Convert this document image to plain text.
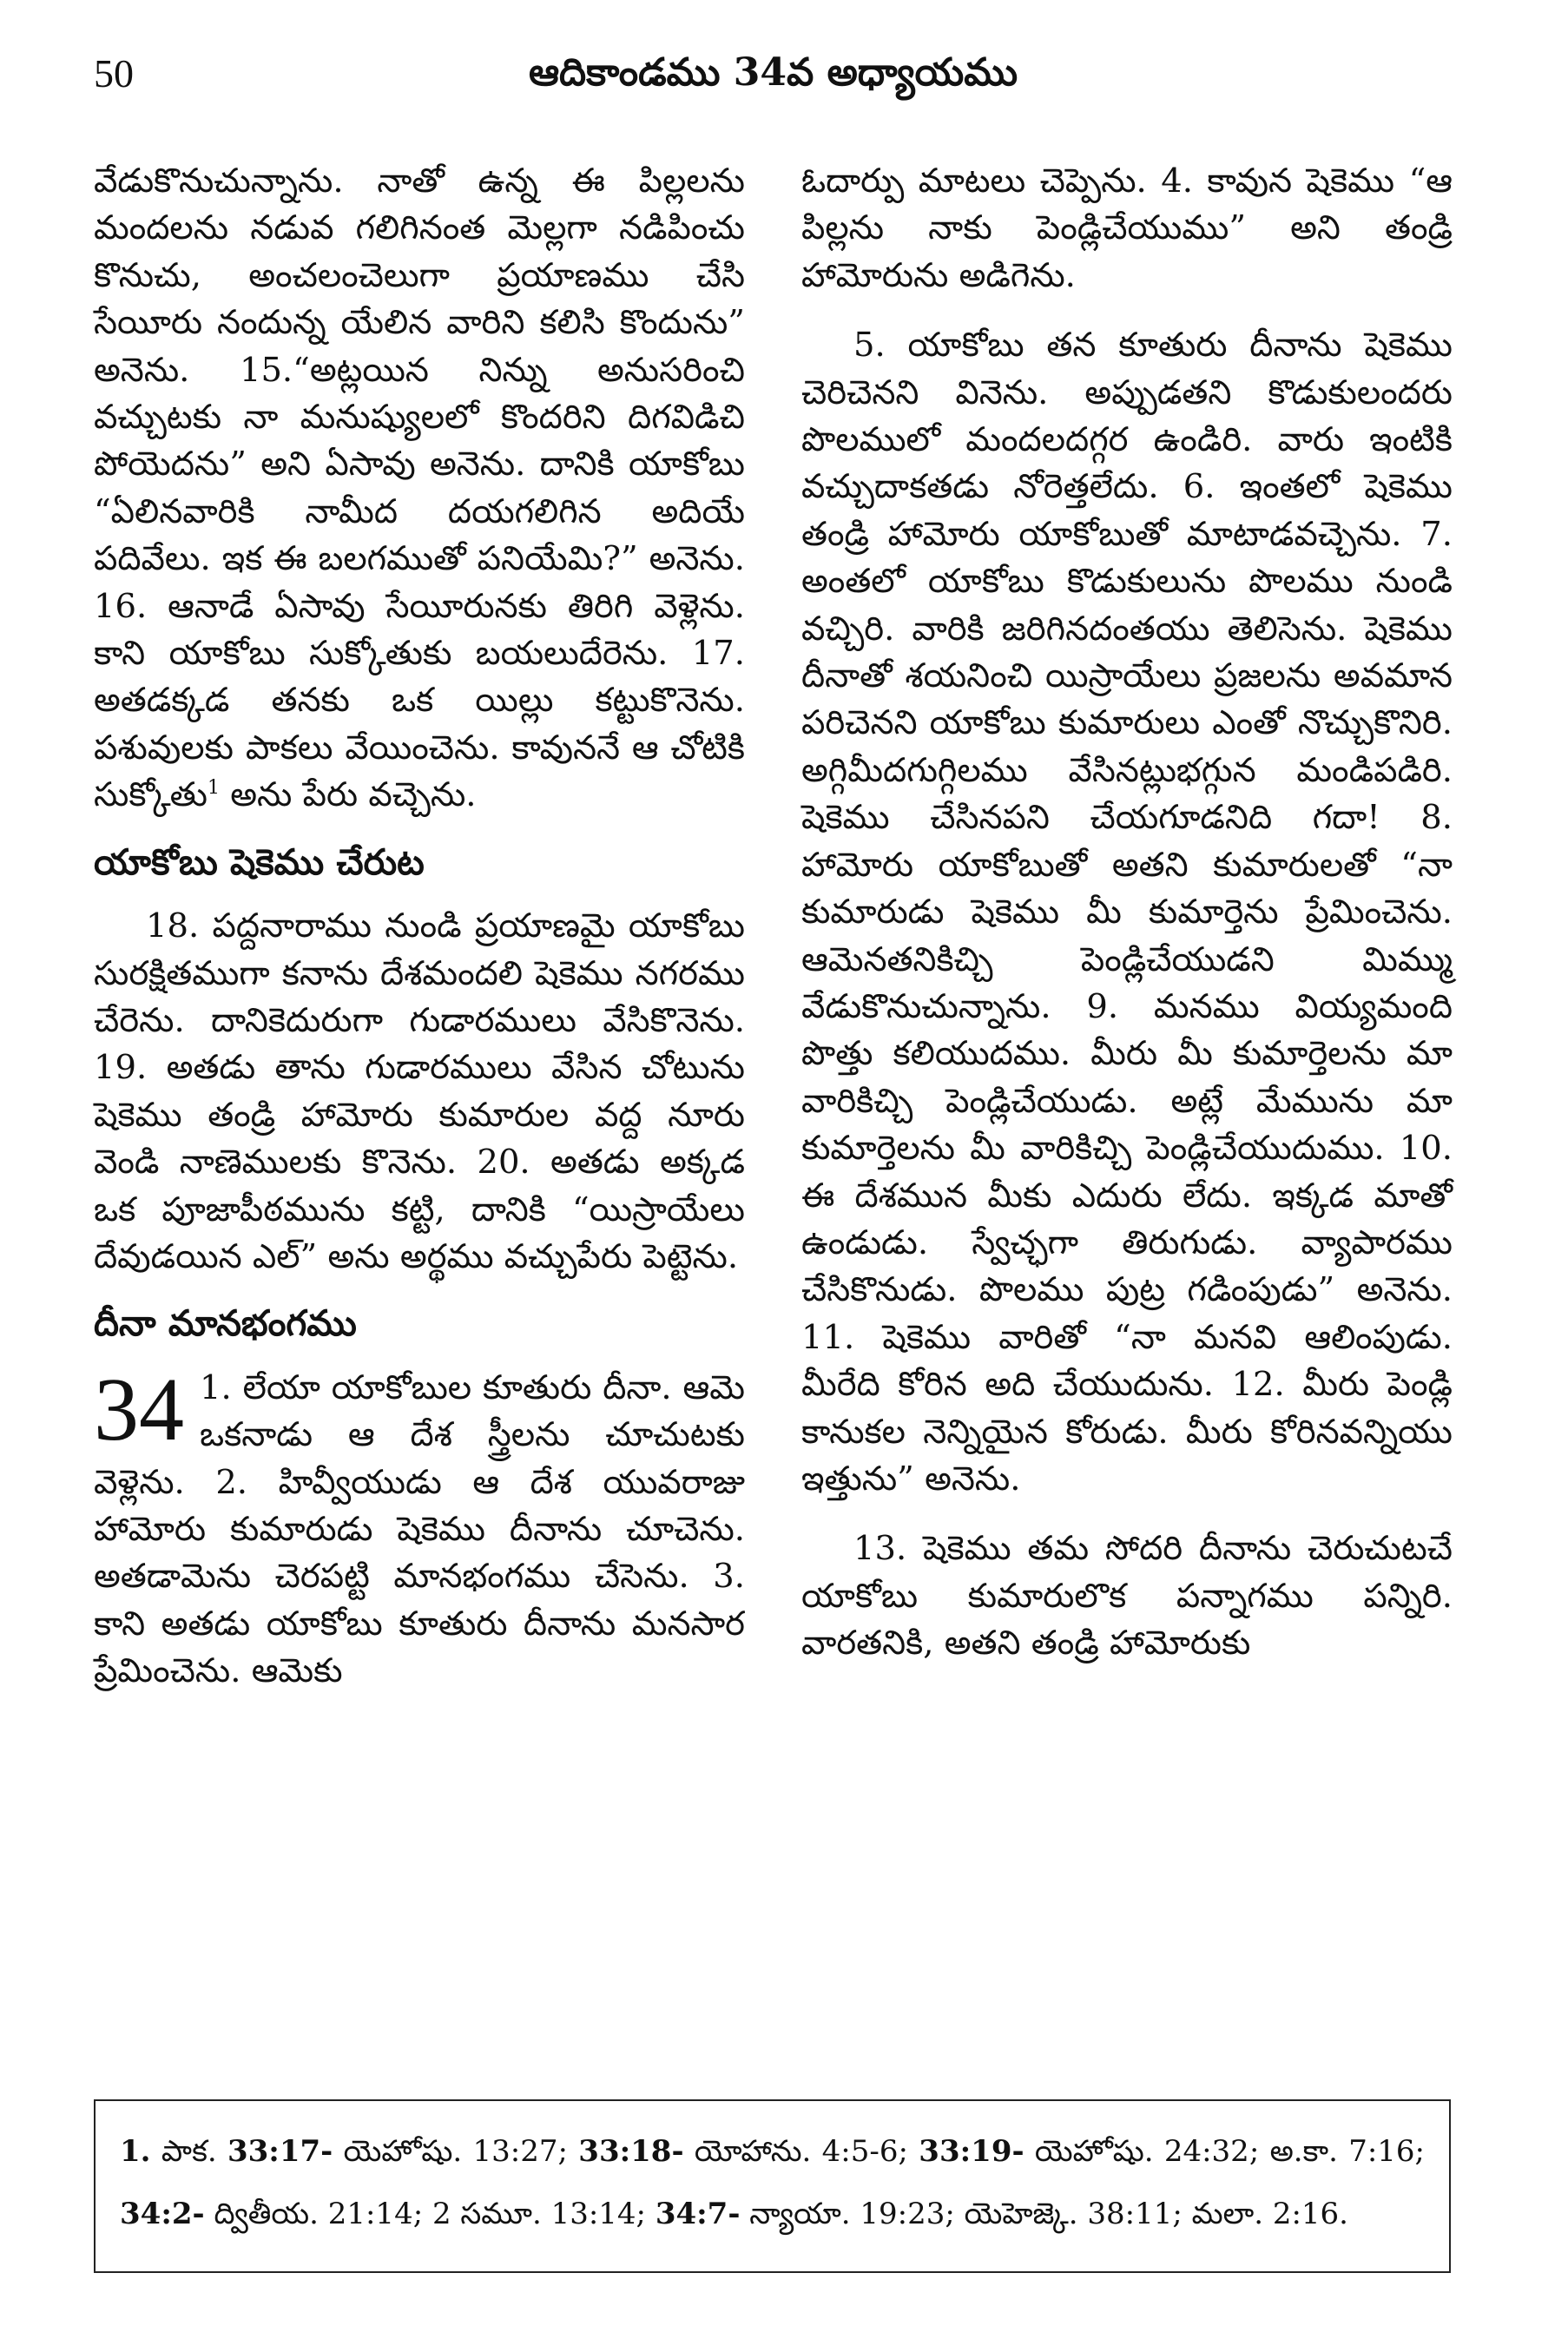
50	ఆదికాండము 34వ అధ్యాయము

వేడుకొనుచున్నాను. నాతో ఉన్న ఈ పిల్లలను మందలను నడువ గలిగినంత మెల్లగా నడిపించు కొనుచు, అంచలంచెలుగా ప్రయాణము చేసి సేయీరు నందున్న యేలిన వారిని కలిసి కొందును” అనెను. 15.“అట్లయిన నిన్ను అనుసరించి వచ్చుటకు నా మనుష్యులలో కొందరిని దిగవిడిచి పోయెదను” అని ఏసావు అనెను. దానికి యాకోబు “ఏలినవారికి నామీద దయగలిగిన అదియే పదివేలు. ఇక ఈ బలగముతో పనియేమి?” అనెను. 16. ఆనాడే ఏసావు సేయీరునకు తిరిగి వెళ్లెను. కాని యాకోబు సుక్కోతుకు బయలుదేరెను. 17. అతడక్కడ తనకు ఒక యిల్లు కట్టుకొనెను. పశువులకు పాకలు వేయించెను. కావుననే ఆ చోటికి సుక్కోతు$^1$ అను పేరు వచ్చెను.

యాకోబు షెకెము చేరుట

18. పద్దనారాము నుండి ప్రయాణమై యాకోబు సురక్షితముగా కనాను దేశమందలి షెకెము నగరము చేరెను. దానికెదురుగా గుడారములు వేసికొనెను. 19. అతడు తాను గుడారములు వేసిన చోటును షెకెము తండ్రి హామోరు కుమారుల వద్ద నూరు వెండి నాణెములకు కొనెను. 20. అతడు అక్కడ ఒక పూజాపీఠమును కట్టి, దానికి “యిస్రాయేలు దేవుడయిన ఎల్” అను అర్థము వచ్చుపేరు పెట్టెను.

దీనా మానభంగము

34 1. లేయా యాకోబుల కూతురు దీనా. ఆమె ఒకనాడు ఆ దేశ స్త్రీలను చూచుటకు వెళ్లెను. 2. హివ్వీయుడు ఆ దేశ యువరాజు హామోరు కుమారుడు షెకెము దీనాను చూచెను. అతడామెను చెరపట్టి మానభంగము చేసెను. 3. కాని అతడు యాకోబు కూతురు దీనాను మనసార ప్రేమించెను. ఆమెకు

ఓదార్పు మాటలు చెప్పెను. 4. కావున షెకెము “ఆ పిల్లను నాకు పెండ్లిచేయుము” అని తండ్రి హామోరును అడిగెను.

5. యాకోబు తన కూతురు దీనాను షెకెము చెరిచెనని వినెను. అప్పుడతని కొడుకులందరు పొలములో మందలదగ్గర ఉండిరి. వారు ఇంటికి వచ్చుదాకతడు నోరెత్తలేదు. 6. ఇంతలో షెకెము తండ్రి హామోరు యాకోబుతో మాటాడవచ్చెను. 7. అంతలో యాకోబు కొడుకులును పొలము నుండి వచ్చిరి. వారికి జరిగినదంతయు తెలిసెను. షెకెము దీనాతో శయనించి యిస్రాయేలు ప్రజలను అవమాన పరిచెనని యాకోబు కుమారులు ఎంతో నొచ్చుకొనిరి. అగ్గిమీదగుగ్గిలము వేసినట్లుభగ్గున మండిపడిరి. షెకెము చేసినపని చేయగూడనిది గదా! 8. హామోరు యాకోబుతో అతని కుమారులతో “నా కుమారుడు షెకెము మీ కుమార్తెను ప్రేమించెను. ఆమెనతనికిచ్చి పెండ్లిచేయుడని మిమ్ము వేడుకొనుచున్నాను. 9. మనము వియ్యమంది పొత్తు కలియుదము. మీరు మీ కుమార్తెలను మా వారికిచ్చి పెండ్లిచేయుడు. అట్లే మేమును మా కుమార్తెలను మీ వారికిచ్చి పెండ్లిచేయుదుము. 10. ఈ దేశమున మీకు ఎదురు లేదు. ఇక్కడ మాతో ఉండుడు. స్వేచ్ఛగా తిరుగుడు. వ్యాపారము చేసికొనుడు. పొలము పుట్ర గడింపుడు” అనెను. 11. షెకెము వారితో “నా మనవి ఆలింపుడు. మీరేది కోరిన అది చేయుదును. 12. మీరు పెండ్లి కానుకల నెన్నియైన కోరుడు. మీరు కోరినవన్నియు ఇత్తును” అనెను.

13. షెకెము తమ సోదరి దీనాను చెరుచుటచే యాకోబు కుమారులొక పన్నాగము పన్నిరి. వారతనికి, అతని తండ్రి హామోరుకు

1. పాక. 33:17- యెహోషు. 13:27; 33:18- యోహాను. 4:5-6; 33:19- యెహోషు. 24:32; అ.కా. 7:16; 34:2- ద్వితీయ. 21:14; 2 సమూ. 13:14; 34:7- న్యాయా. 19:23; యెహెజ్కె. 38:11; మలా. 2:16.
